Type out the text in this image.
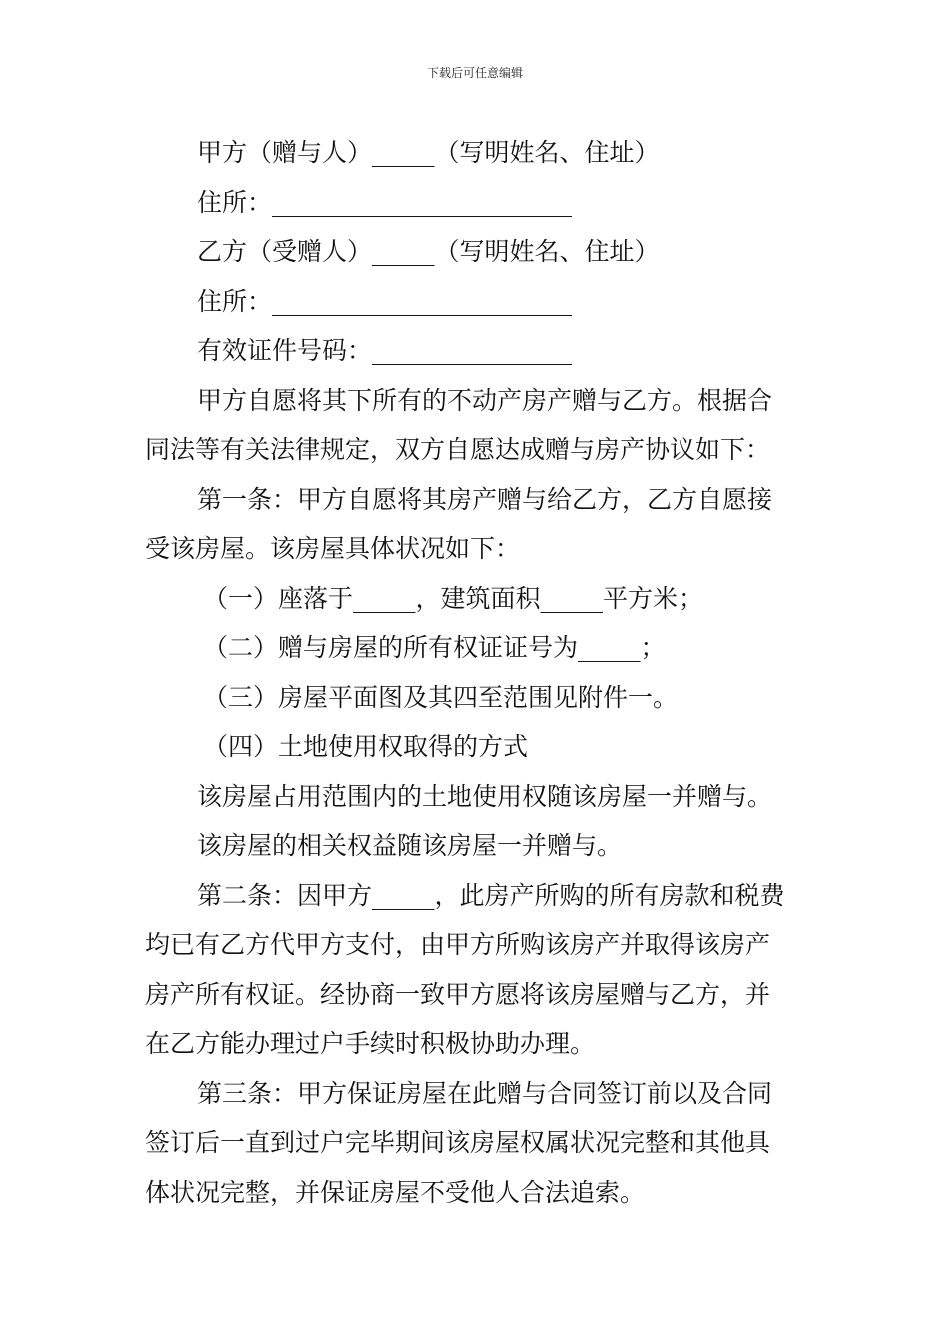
下载后可任意编辑
甲方（赠与人）_____（写明姓名、住址）
住所：________________________
乙方（受赠人）_____（写明姓名、住址）
住所：________________________
有效证件号码：________________
甲方自愿将其下所有的不动产房产赠与乙方。根据合
同法等有关法律规定，双方自愿达成赠与房产协议如下：
第一条：甲方自愿将其房产赠与给乙方，乙方自愿接
受该房屋。该房屋具体状况如下：
（一）座落于_____，建筑面积_____平方米；
（二）赠与房屋的所有权证证号为_____；
（三）房屋平面图及其四至范围见附件一。
（四）土地使用权取得的方式
该房屋占用范围内的土地使用权随该房屋一并赠与。
该房屋的相关权益随该房屋一并赠与。
第二条：因甲方_____，此房产所购的所有房款和税费
均已有乙方代甲方支付，由甲方所购该房产并取得该房产
房产所有权证。经协商一致甲方愿将该房屋赠与乙方，并
在乙方能办理过户手续时积极协助办理。
第三条：甲方保证房屋在此赠与合同签订前以及合同
签订后一直到过户完毕期间该房屋权属状况完整和其他具
体状况完整，并保证房屋不受他人合法追索。
